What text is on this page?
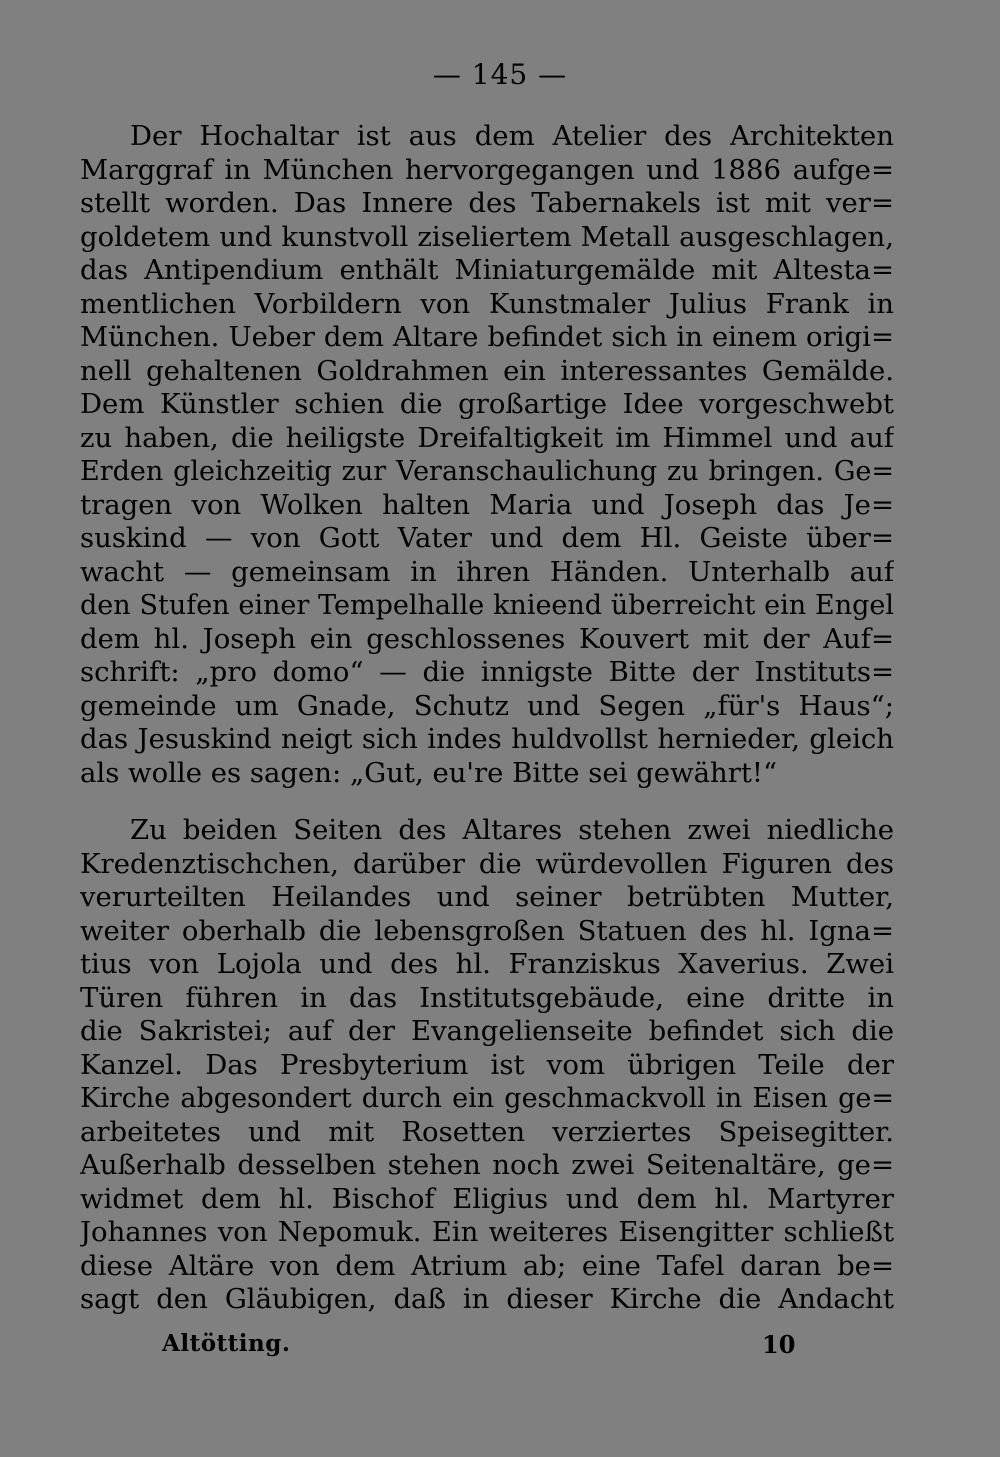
— 145 —
Der Hochaltar ist aus dem Atelier des Architekten
Marggraf in München hervorgegangen und 1886 aufge=
stellt worden. Das Innere des Tabernakels ist mit ver=
goldetem und kunstvoll ziseliertem Metall ausgeschlagen,
das Antipendium enthält Miniaturgemälde mit Altesta=
mentlichen Vorbildern von Kunstmaler Julius Frank in
München. Ueber dem Altare befindet sich in einem origi=
nell gehaltenen Goldrahmen ein interessantes Gemälde.
Dem Künstler schien die großartige Idee vorgeschwebt
zu haben, die heiligste Dreifaltigkeit im Himmel und auf
Erden gleichzeitig zur Veranschaulichung zu bringen. Ge=
tragen von Wolken halten Maria und Joseph das Je=
suskind — von Gott Vater und dem Hl. Geiste über=
wacht — gemeinsam in ihren Händen. Unterhalb auf
den Stufen einer Tempelhalle knieend überreicht ein Engel
dem hl. Joseph ein geschlossenes Kouvert mit der Auf=
schrift: „pro domo“ — die innigste Bitte der Instituts=
gemeinde um Gnade, Schutz und Segen „für's Haus“;
das Jesuskind neigt sich indes huldvollst hernieder, gleich
als wolle es sagen: „Gut, eu're Bitte sei gewährt!“
Zu beiden Seiten des Altares stehen zwei niedliche
Kredenztischchen, darüber die würdevollen Figuren des
verurteilten Heilandes und seiner betrübten Mutter,
weiter oberhalb die lebensgroßen Statuen des hl. Igna=
tius von Lojola und des hl. Franziskus Xaverius. Zwei
Türen führen in das Institutsgebäude, eine dritte in
die Sakristei; auf der Evangelienseite befindet sich die
Kanzel. Das Presbyterium ist vom übrigen Teile der
Kirche abgesondert durch ein geschmackvoll in Eisen ge=
arbeitetes und mit Rosetten verziertes Speisegitter.
Außerhalb desselben stehen noch zwei Seitenaltäre, ge=
widmet dem hl. Bischof Eligius und dem hl. Martyrer
Johannes von Nepomuk. Ein weiteres Eisengitter schließt
diese Altäre von dem Atrium ab; eine Tafel daran be=
sagt den Gläubigen, daß in dieser Kirche die Andacht
Altötting.	10
